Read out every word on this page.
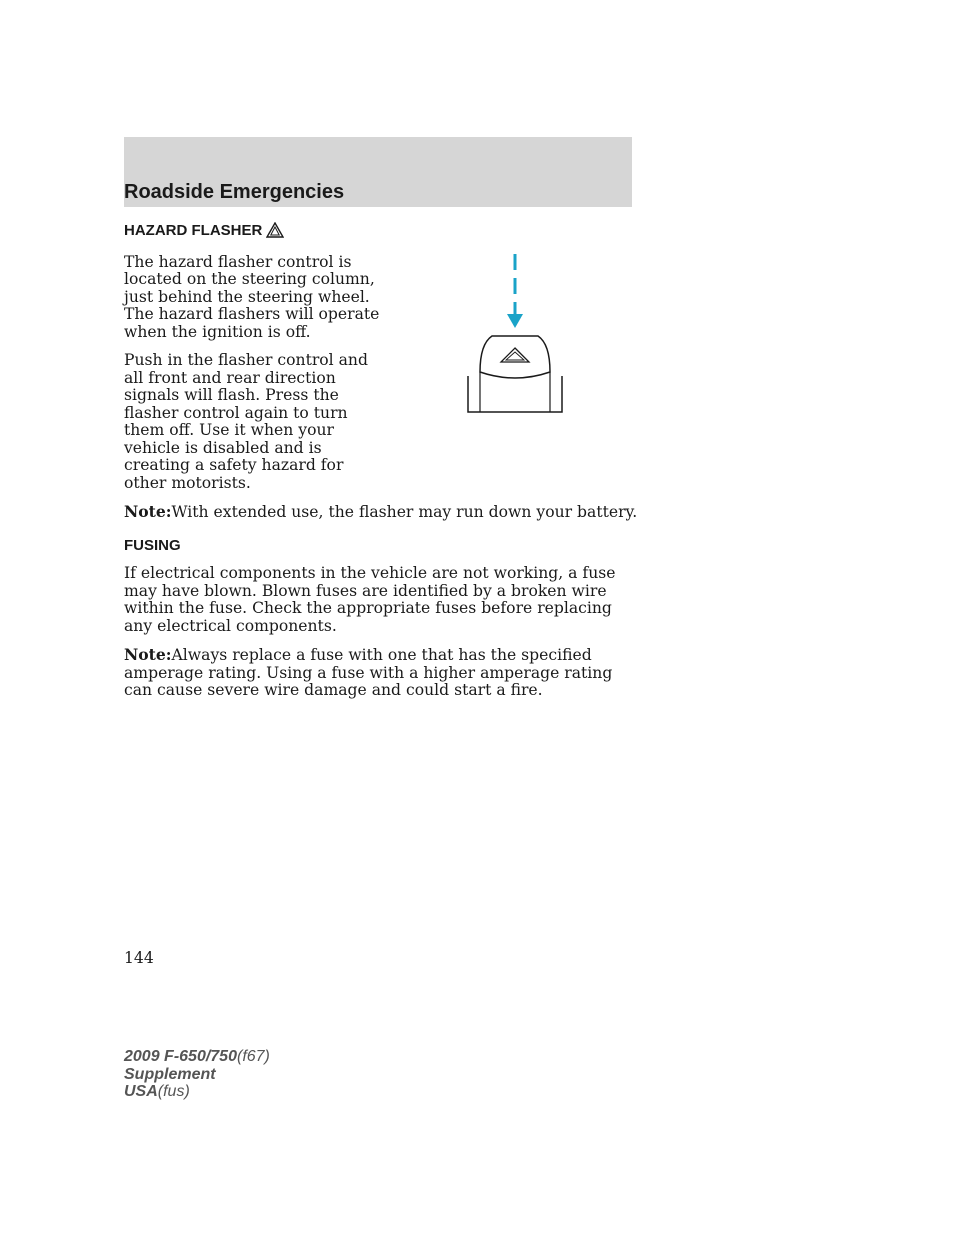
Roadside Emergencies
HAZARD FLASHER

The hazard flasher control is located on the steering column, just behind the steering wheel. The hazard flashers will operate when the ignition is off.

Push in the flasher control and all front and rear direction signals will flash. Press the flasher control again to turn them off. Use it when your vehicle is disabled and is creating a safety hazard for other motorists.

Note:With extended use, the flasher may run down your battery.

FUSING

If electrical components in the vehicle are not working, a fuse may have blown. Blown fuses are identified by a broken wire within the fuse. Check the appropriate fuses before replacing any electrical components.

Note:Always replace a fuse with one that has the specified amperage rating. Using a fuse with a higher amperage rating can cause severe wire damage and could start a fire.

144

2009 F-650/750(f67)
Supplement
USA(fus)
